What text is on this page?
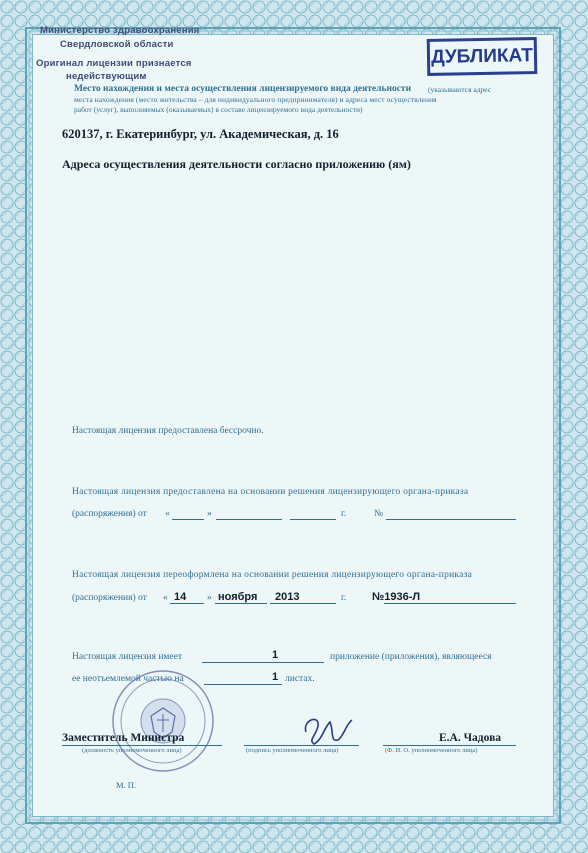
Министерство здравоохранения
Свердловской области
Оригинал лицензии признается
недействующим
ДУБЛИКАТ
Место нахождения и места осуществления лицензируемого вида деятельности (указываются адрес
места нахождения (место жительства – для индивидуального предпринимателя) и адреса мест осуществления
работ (услуг), выполняемых (оказываемых) в составе лицензируемого вида деятельности)
620137, г. Екатеринбург, ул. Академическая, д. 16
Адреса осуществления деятельности согласно приложению (ям)
Настоящая лицензия предоставлена бессрочно.
Настоящая лицензия предоставлена на основании решения лицензирующего органа-приказа
(распоряжения) от «	»	г.	№
Настоящая лицензия переоформлена на основании решения лицензирующего органа-приказа
(распоряжения) от « 14 » ноября 2013	г. №1936-Л
Настоящая лицензия имеет	1	приложение (приложения), являющееся
ее неотъемлемой частью на	1 листах.
Заместитель Министра	Е.А. Чадова
(должность уполномоченного лица)	(подпись уполномоченного лица)	(Ф. И. О. уполномоченного лица)
М. П.
